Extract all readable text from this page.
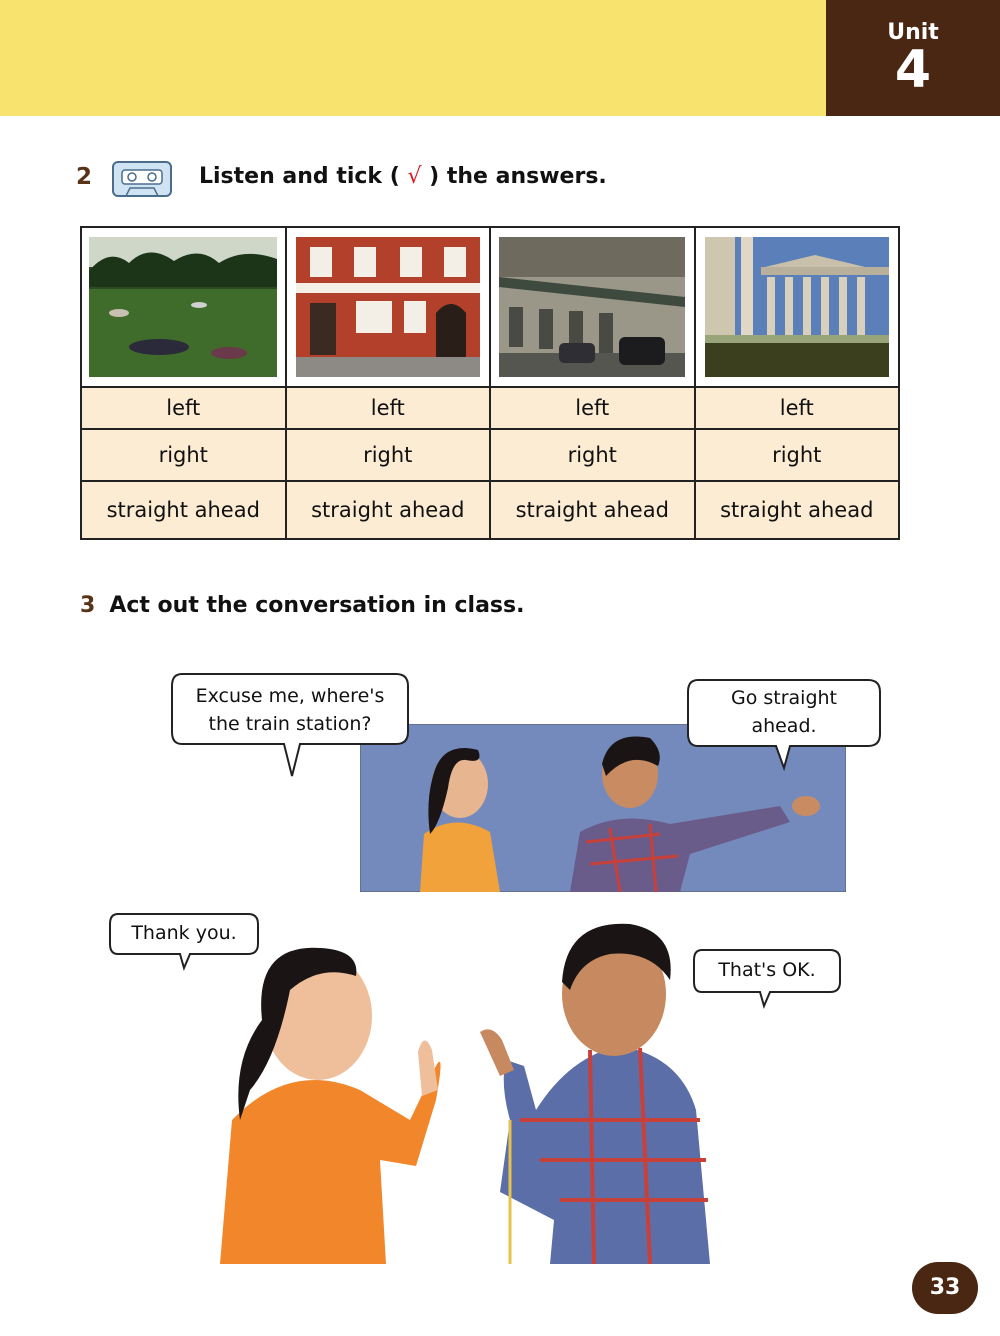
Unit
4
2	Listen and tick ( √ ) the answers.

left	left	left	left
right	right	right	right
straight ahead	straight ahead	straight ahead	straight ahead
3 Act out the conversation in class.
Excuse me, where's
the train station?
Go straight
ahead.
Thank you.
That's OK.
33
